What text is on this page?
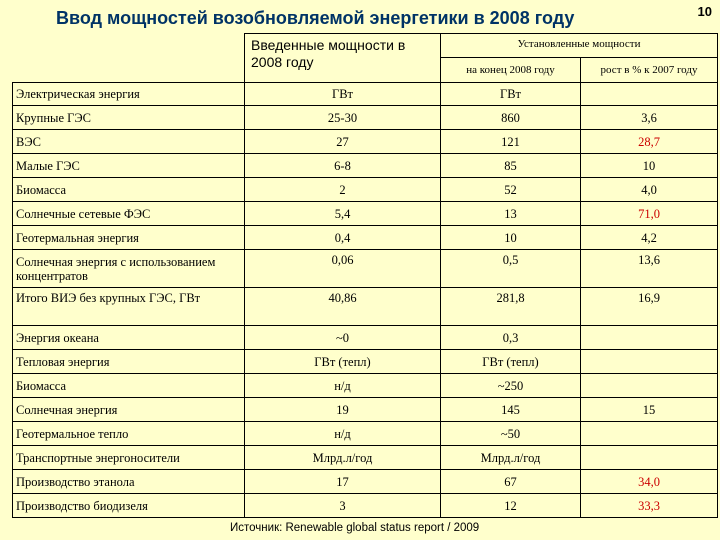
Ввод мощностей возобновляемой энергетики в 2008 году	10
	Введенные мощности в 2008 году	Установленные мощности	
		на конец 2008 году	рост в % к 2007 году
Электрическая энергия	ГВт	ГВт	
Крупные ГЭС	25-30	860	3,6
ВЭС	27	121	28,7
Малые ГЭС	6-8	85	10
Биомасса	2	52	4,0
Солнечные сетевые ФЭС	5,4	13	71,0
Геотермальная энергия	0,4	10	4,2
Солнечная энергия с использованием концентратов	0,06	0,5	13,6
Итого ВИЭ без крупных ГЭС, ГВт	40,86	281,8	16,9
Энергия океана	~0	0,3	
Тепловая энергия	ГВт (тепл)	ГВт (тепл)	
Биомасса	н/д	~250	
Солнечная энергия	19	145	15
Геотермальное тепло	н/д	~50	
Транспортные энергоносители	Млрд.л/год	Млрд.л/год	
Производство этанола	17	67	34,0
Производство биодизеля	3	12	33,3
Источник: Renewable global status report / 2009
